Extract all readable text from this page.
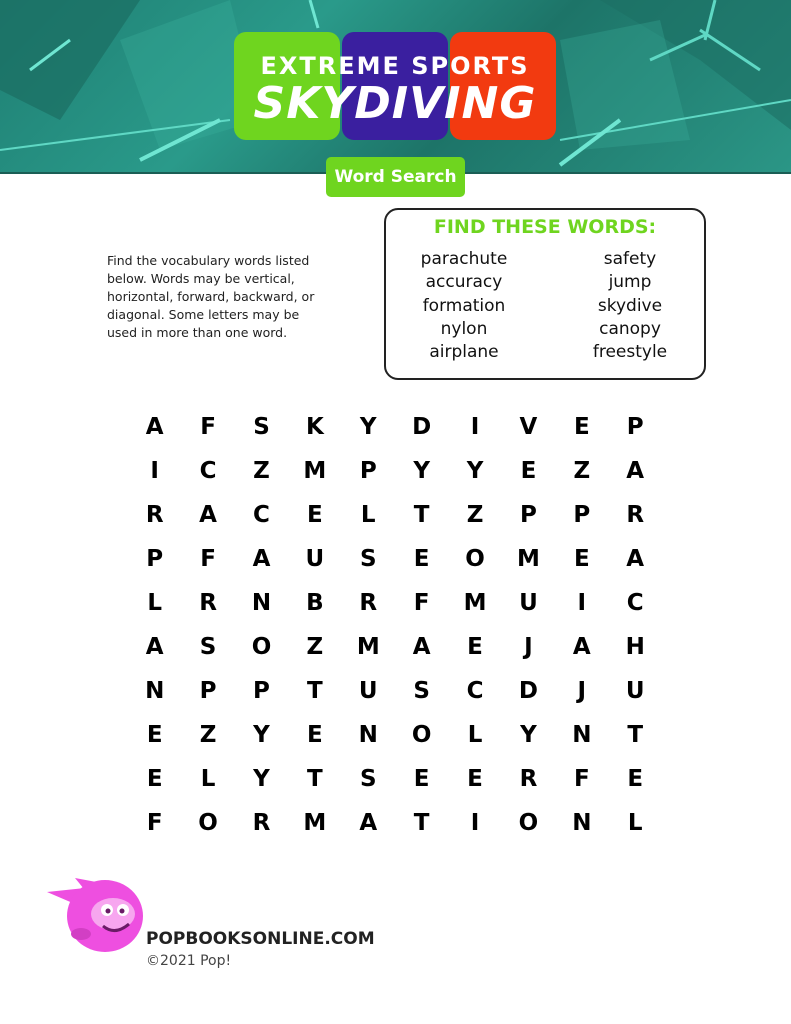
EXTREME SPORTS
SKYDIVING
Word Search
Find the vocabulary words listed below. Words may be vertical, horizontal, forward, backward, or diagonal. Some letters may be used in more than one word.
FIND THESE WORDS:
parachute
accuracy
formation
nylon
airplane
safety
jump
skydive
canopy
freestyle
A	F	S	K	Y	D	I	V	E	P
I	C	Z	M	P	Y	Y	E	Z	A
R	A	C	E	L	T	Z	P	P	R
P	F	A	U	S	E	O	M	E	A
L	R	N	B	R	F	M	U	I	C
A	S	O	Z	M	A	E	J	A	H
N	P	P	T	U	S	C	D	J	U
E	Z	Y	E	N	O	L	Y	N	T
E	L	Y	T	S	E	E	R	F	E
F	O	R	M	A	T	I	O	N	L
POPBOOKSONLINE.COM
©2021 Pop!
